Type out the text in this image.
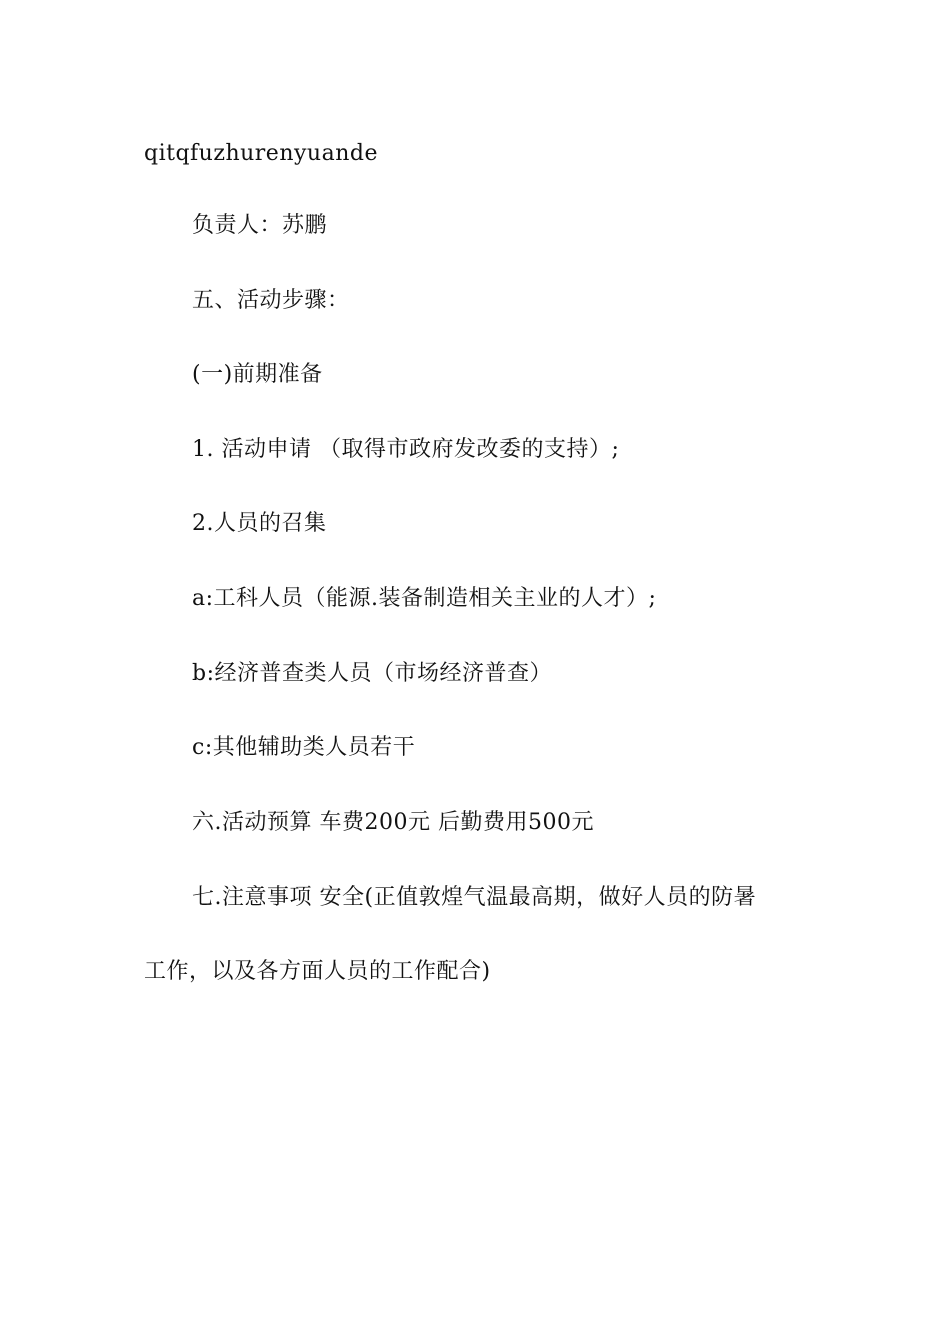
qitqfuzhurenyuande
负责人：苏鹏
五、活动步骤：
(一)前期准备
1. 活动申请 （取得市政府发改委的支持）;
2.人员的召集
a:工科人员（能源.装备制造相关主业的人才）;
b:经济普查类人员（市场经济普查）
c:其他辅助类人员若干
六.活动预算 车费200元 后勤费用500元
七.注意事项 安全(正值敦煌气温最高期，做好人员的防暑
工作，以及各方面人员的工作配合)
